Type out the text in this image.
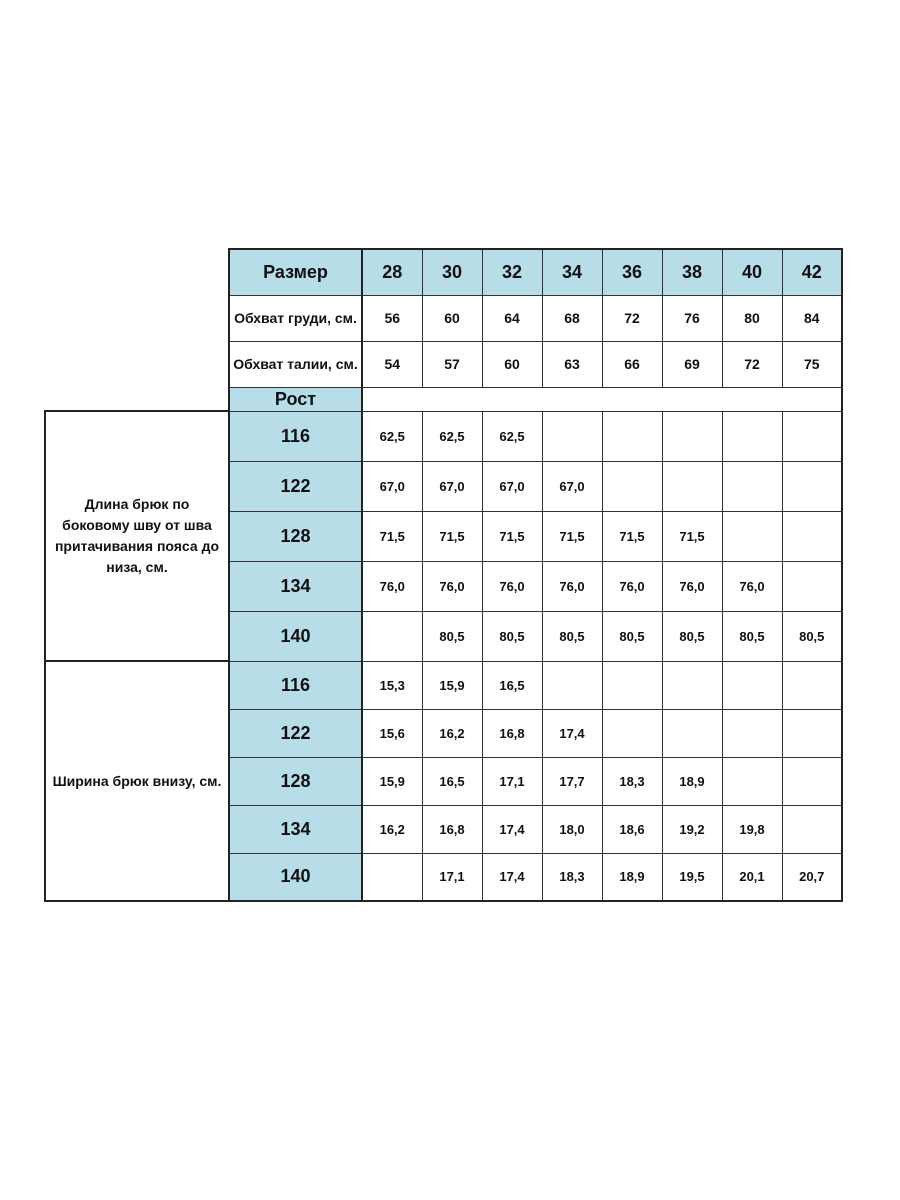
	Размер	28	30	32	34	36	38	40	42
	Обхват груди, см.	56	60	64	68	72	76	80	84
	Обхват талии, см.	54	57	60	63	66	69	72	75
	Рост								
Длина брюк по боковому шву от шва притачивания пояса до низа, см.	116	62,5	62,5	62,5					
	122	67,0	67,0	67,0	67,0				
	128	71,5	71,5	71,5	71,5	71,5	71,5		
	134	76,0	76,0	76,0	76,0	76,0	76,0	76,0	
	140		80,5	80,5	80,5	80,5	80,5	80,5	80,5
Ширина брюк внизу, см.	116	15,3	15,9	16,5					
	122	15,6	16,2	16,8	17,4				
	128	15,9	16,5	17,1	17,7	18,3	18,9		
	134	16,2	16,8	17,4	18,0	18,6	19,2	19,8	
	140		17,1	17,4	18,3	18,9	19,5	20,1	20,7
